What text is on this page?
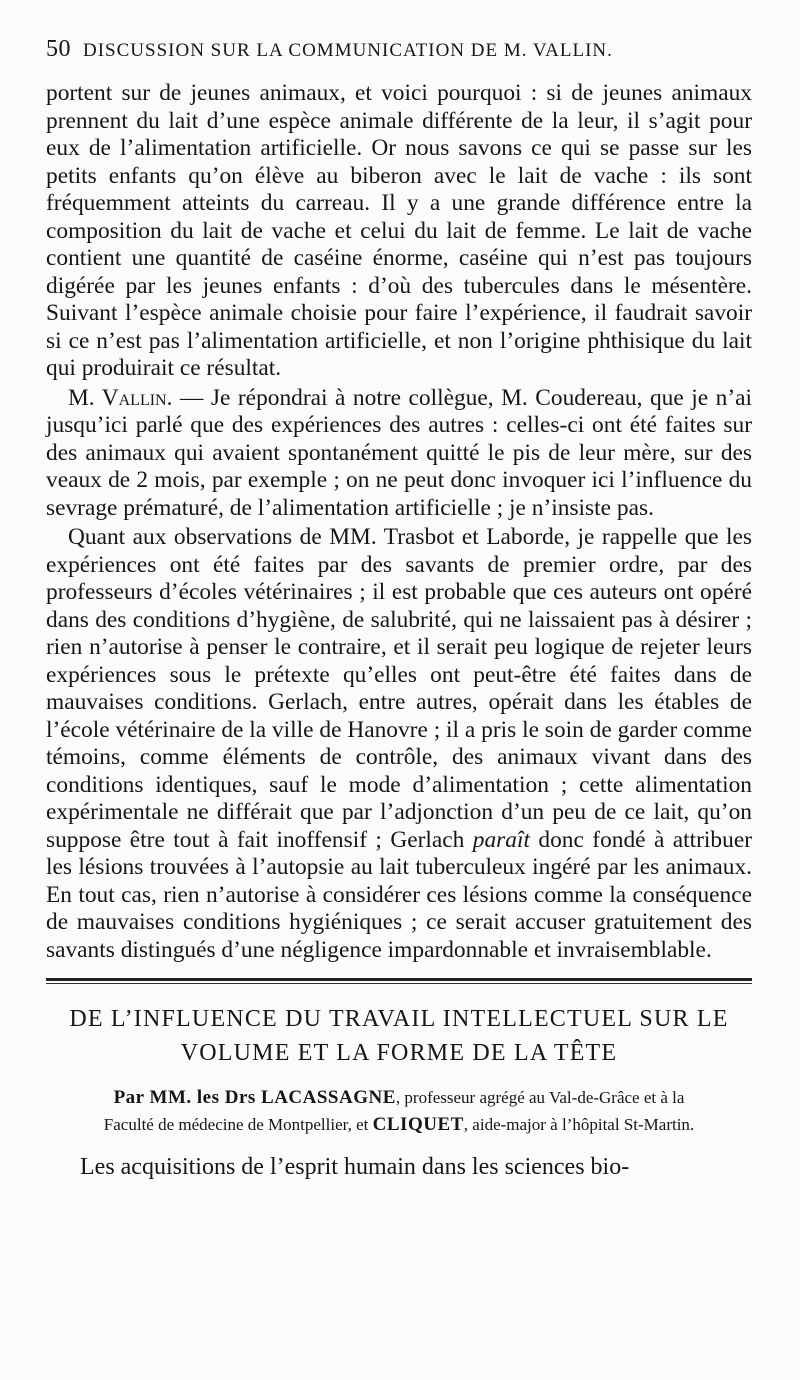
50 DISCUSSION SUR LA COMMUNICATION DE M. VALLIN.

portent sur de jeunes animaux, et voici pourquoi : si de jeunes animaux prennent du lait d’une espèce animale différente de la leur, il s’agit pour eux de l’alimentation artificielle. Or nous savons ce qui se passe sur les petits enfants qu’on élève au biberon avec le lait de vache : ils sont fréquemment atteints du carreau. Il y a une grande différence entre la composition du lait de vache et celui du lait de femme. Le lait de vache contient une quantité de caséine énorme, caséine qui n’est pas toujours digérée par les jeunes enfants : d’où des tubercules dans le mésentère. Suivant l’espèce animale choisie pour faire l’expérience, il faudrait savoir si ce n’est pas l’alimentation artificielle, et non l’origine phthisique du lait qui produirait ce résultat.

M. Vallin. — Je répondrai à notre collègue, M. Coudereau, que je n’ai jusqu’ici parlé que des expériences des autres : celles-ci ont été faites sur des animaux qui avaient spontanément quitté le pis de leur mère, sur des veaux de 2 mois, par exemple ; on ne peut donc invoquer ici l’influence du sevrage prématuré, de l’alimentation artificielle ; je n’insiste pas.

Quant aux observations de MM. Trasbot et Laborde, je rappelle que les expériences ont été faites par des savants de premier ordre, par des professeurs d’écoles vétérinaires ; il est probable que ces auteurs ont opéré dans des conditions d’hygiène, de salubrité, qui ne laissaient pas à désirer ; rien n’autorise à penser le contraire, et il serait peu logique de rejeter leurs expériences sous le prétexte qu’elles ont peut-être été faites dans de mauvaises conditions. Gerlach, entre autres, opérait dans les étables de l’école vétérinaire de la ville de Hanovre ; il a pris le soin de garder comme témoins, comme éléments de contrôle, des animaux vivant dans des conditions identiques, sauf le mode d’alimentation ; cette alimentation expérimentale ne différait que par l’adjonction d’un peu de ce lait, qu’on suppose être tout à fait inoffensif ; Gerlach paraît donc fondé à attribuer les lésions trouvées à l’autopsie au lait tuberculeux ingéré par les animaux. En tout cas, rien n’autorise à considérer ces lésions comme la conséquence de mauvaises conditions hygiéniques ; ce serait accuser gratuitement des savants distingués d’une négligence impardonnable et invraisemblable.

DE L’INFLUENCE DU TRAVAIL INTELLECTUEL SUR LE
VOLUME ET LA FORME DE LA TÊTE
Par MM. les Drs LACASSAGNE, professeur agrégé au Val-de-Grâce et à la
Faculté de médecine de Montpellier, et CLIQUET, aide-major à l’hôpital St-Martin.
Les acquisitions de l’esprit humain dans les sciences bio-
